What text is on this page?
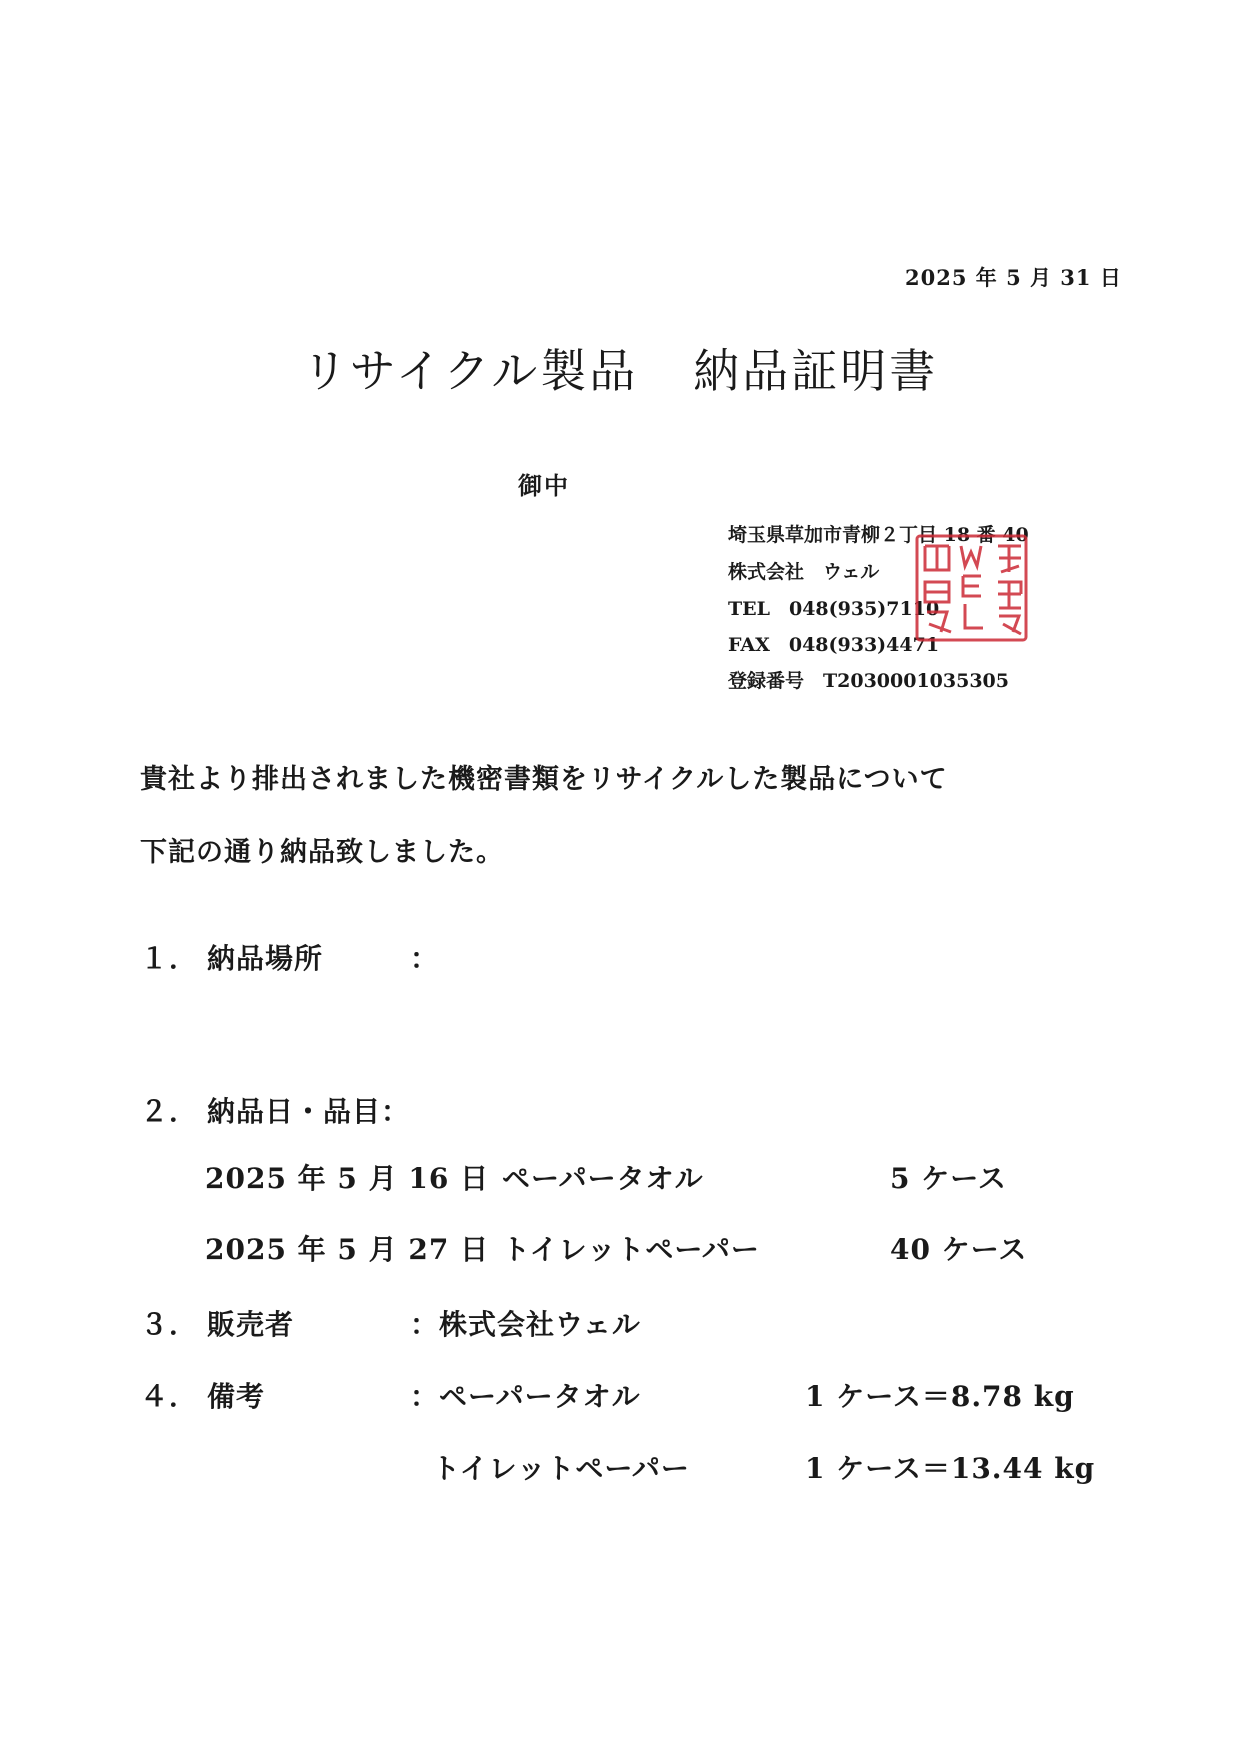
2025 年 5 月 31 日
リサイクル製品 納品証明書
御中
埼玉県草加市青柳２丁目 18 番 40
株式会社　ウェル
TEL　048(935)7110
FAX　048(933)4471
登録番号　T2030001035305
貴社より排出されました機密書類をリサイクルした製品について
下記の通り納品致しました。
１． 納品場所	：
２． 納品日・品目：
2025 年 5 月 16 日 ペーパータオル	5 ケース
2025 年 5 月 27 日 トイレットペーパー	40 ケース
３． 販売者	：株式会社ウェル
４． 備考	：ペーパータオル	1 ケース＝8.78 kg
トイレットペーパー	1 ケース＝13.44 kg
